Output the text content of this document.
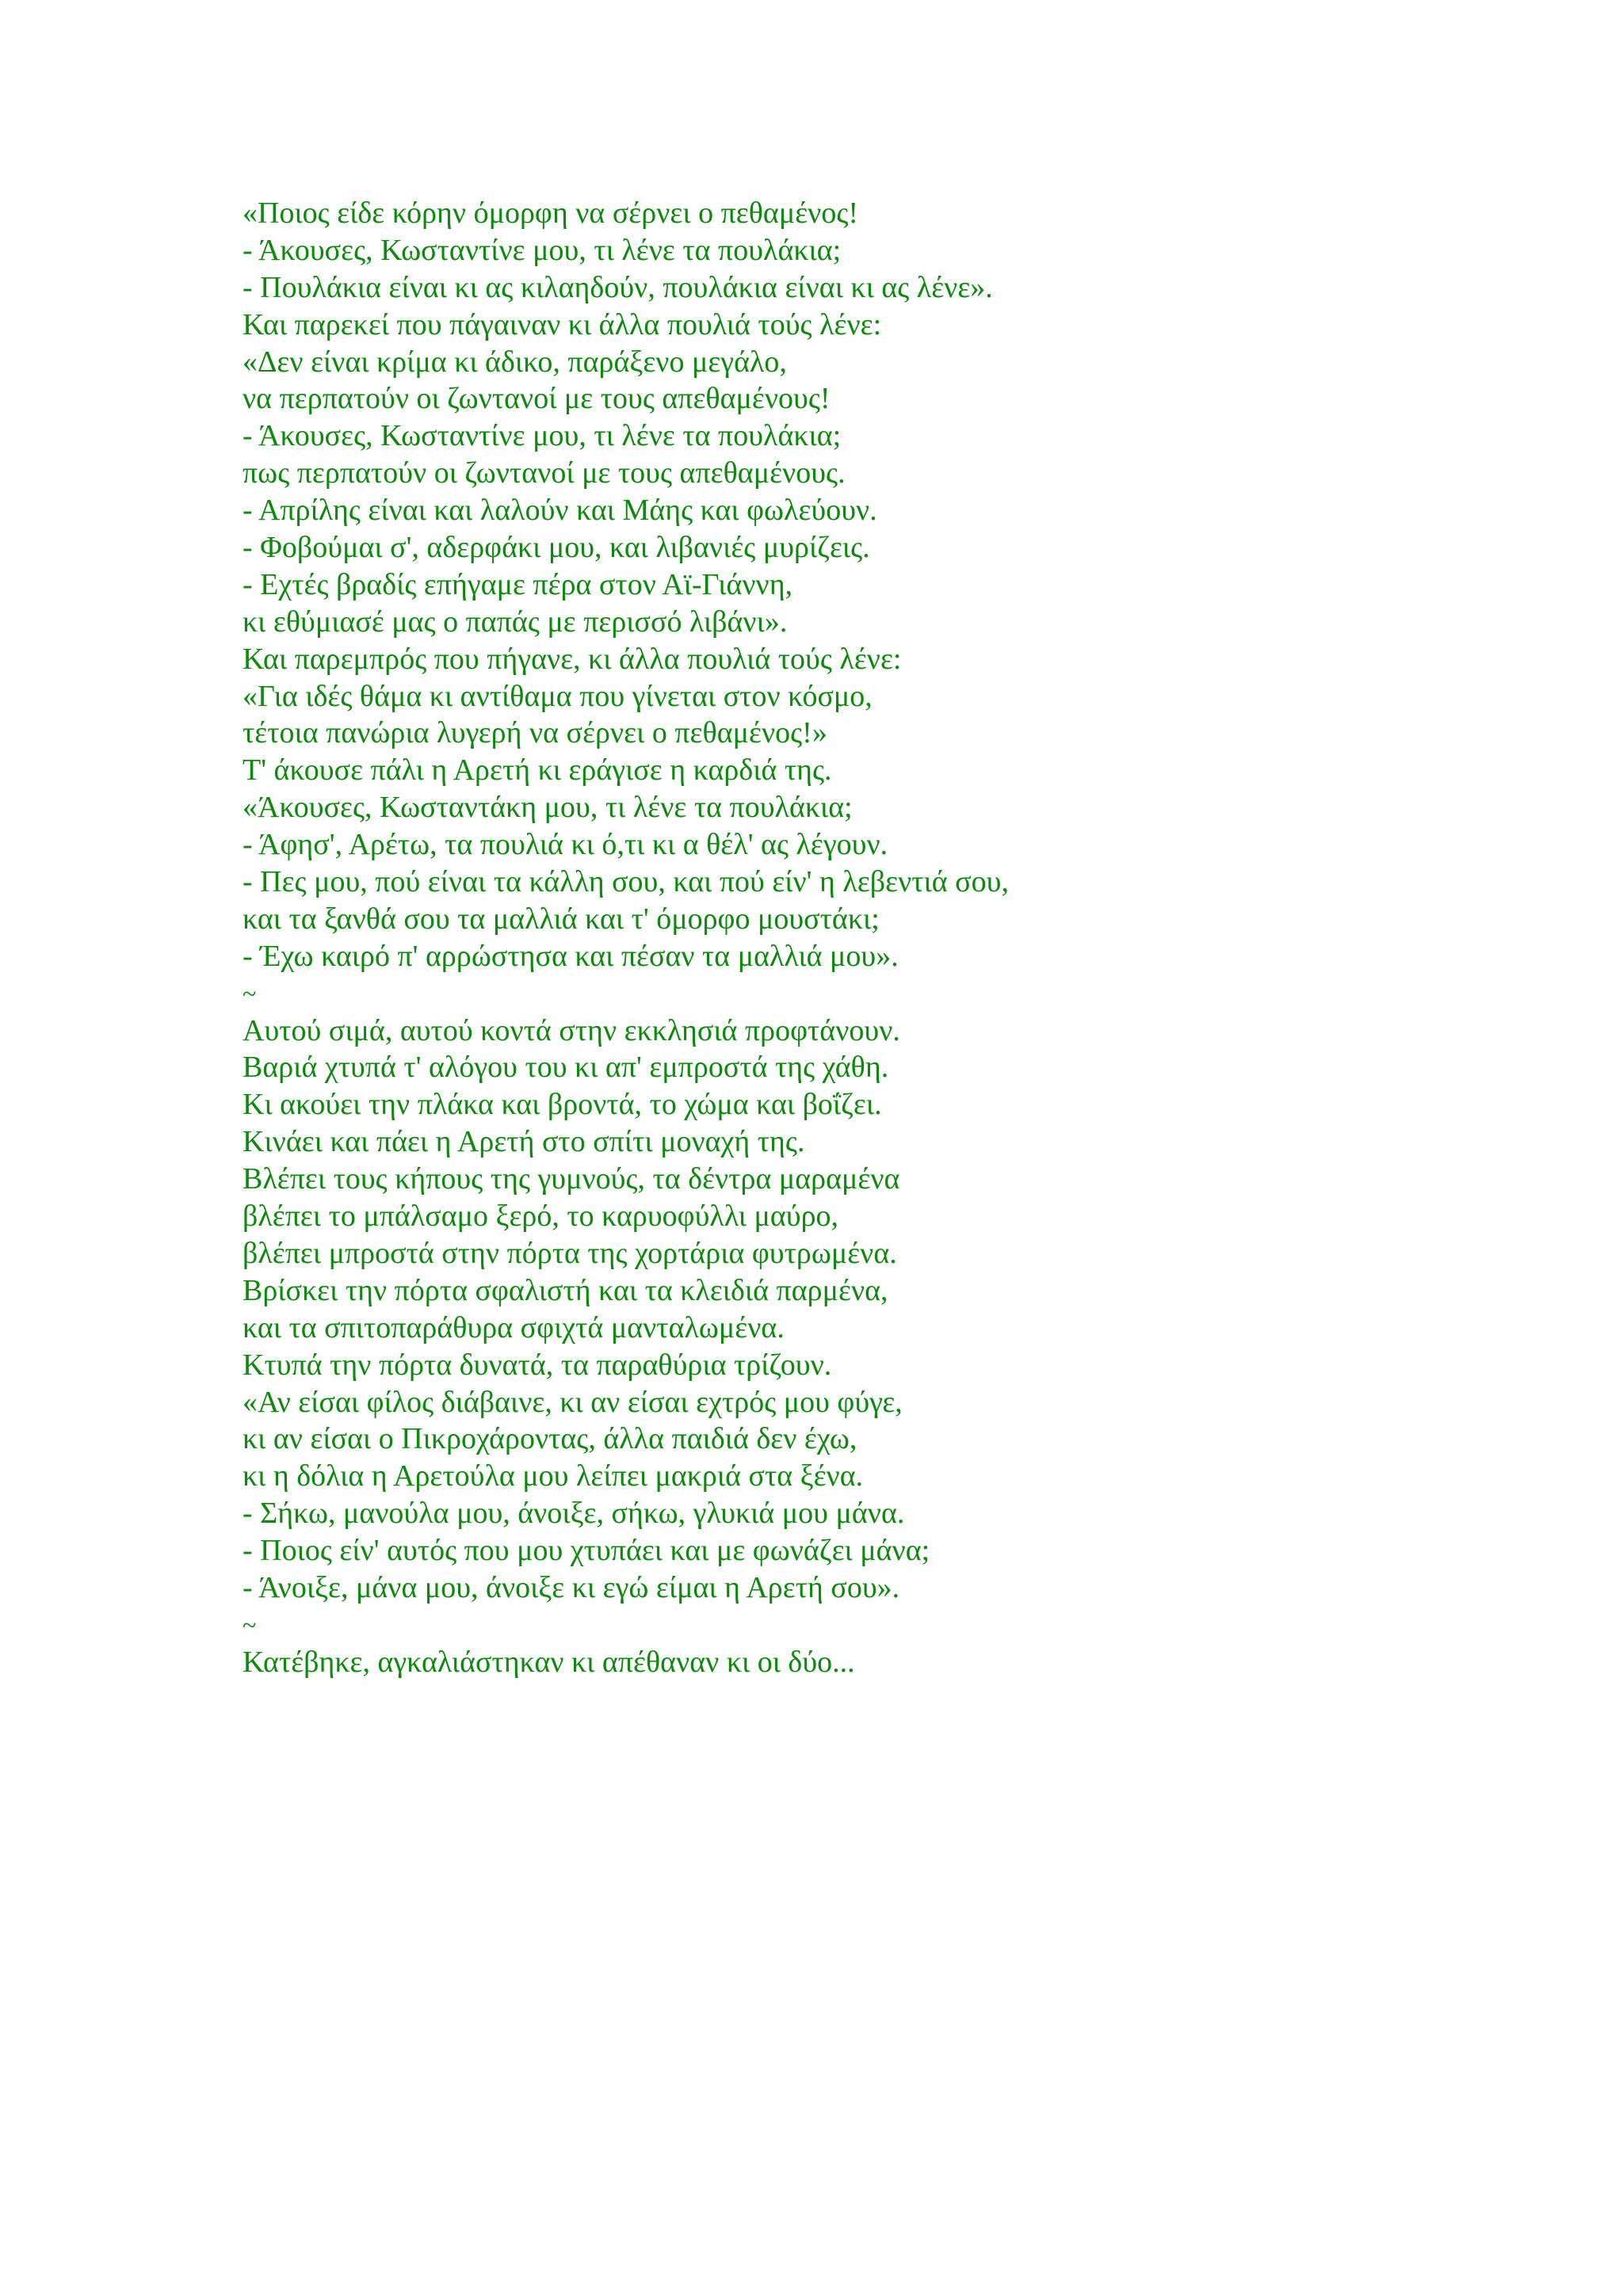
«Ποιος είδε κόρην όμορφη να σέρνει ο πεθαμένος!
- Άκουσες, Κωσταντίνε μου, τι λένε τα πουλάκια;
- Πουλάκια είναι κι ας κιλαηδούν, πουλάκια είναι κι ας λένε».
Και παρεκεί που πάγαιναν κι άλλα πουλιά τούς λένε:
«Δεν είναι κρίμα κι άδικο, παράξενο μεγάλο,
να περπατούν οι ζωντανοί με τους απεθαμένους!
- Άκουσες, Κωσταντίνε μου, τι λένε τα πουλάκια;
πως περπατούν οι ζωντανοί με τους απεθαμένους.
- Απρίλης είναι και λαλούν και Μάης και φωλεύουν.
- Φοβούμαι σ', αδερφάκι μου, και λιβανιές μυρίζεις.
- Εχτές βραδίς επήγαμε πέρα στον Αϊ-Γιάννη,
κι εθύμιασέ μας ο παπάς με περισσό λιβάνι».
Και παρεμπρός που πήγανε, κι άλλα πουλιά τούς λένε:
«Για ιδές θάμα κι αντίθαμα που γίνεται στον κόσμο,
τέτοια πανώρια λυγερή να σέρνει ο πεθαμένος!»
Τ' άκουσε πάλι η Αρετή κι εράγισε η καρδιά της.
«Άκουσες, Κωσταντάκη μου, τι λένε τα πουλάκια;
- Άφησ', Αρέτω, τα πουλιά κι ό,τι κι α θέλ' ας λέγουν.
- Πες μου, πού είναι τα κάλλη σου, και πού είν' η λεβεντιά σου,
και τα ξανθά σου τα μαλλιά και τ' όμορφο μουστάκι;
- Έχω καιρό π' αρρώστησα και πέσαν τα μαλλιά μου».
~
Αυτού σιμά, αυτού κοντά στην εκκλησιά προφτάνουν.
Βαριά χτυπά τ' αλόγου του κι απ' εμπροστά της χάθη.
Κι ακούει την πλάκα και βροντά, το χώμα και βοΐζει.
Κινάει και πάει η Αρετή στο σπίτι μοναχή της.
Βλέπει τους κήπους της γυμνούς, τα δέντρα μαραμένα
βλέπει το μπάλσαμο ξερό, το καρυοφύλλι μαύρο,
βλέπει μπροστά στην πόρτα της χορτάρια φυτρωμένα.
Βρίσκει την πόρτα σφαλιστή και τα κλειδιά παρμένα,
και τα σπιτοπαράθυρα σφιχτά μανταλωμένα.
Κτυπά την πόρτα δυνατά, τα παραθύρια τρίζουν.
«Αν είσαι φίλος διάβαινε, κι αν είσαι εχτρός μου φύγε,
κι αν είσαι ο Πικροχάροντας, άλλα παιδιά δεν έχω,
κι η δόλια η Αρετούλα μου λείπει μακριά στα ξένα.
- Σήκω, μανούλα μου, άνοιξε, σήκω, γλυκιά μου μάνα.
- Ποιος είν' αυτός που μου χτυπάει και με φωνάζει μάνα;
- Άνοιξε, μάνα μου, άνοιξε κι εγώ είμαι η Αρετή σου».
~
Κατέβηκε, αγκαλιάστηκαν κι απέθαναν κι οι δύο...
